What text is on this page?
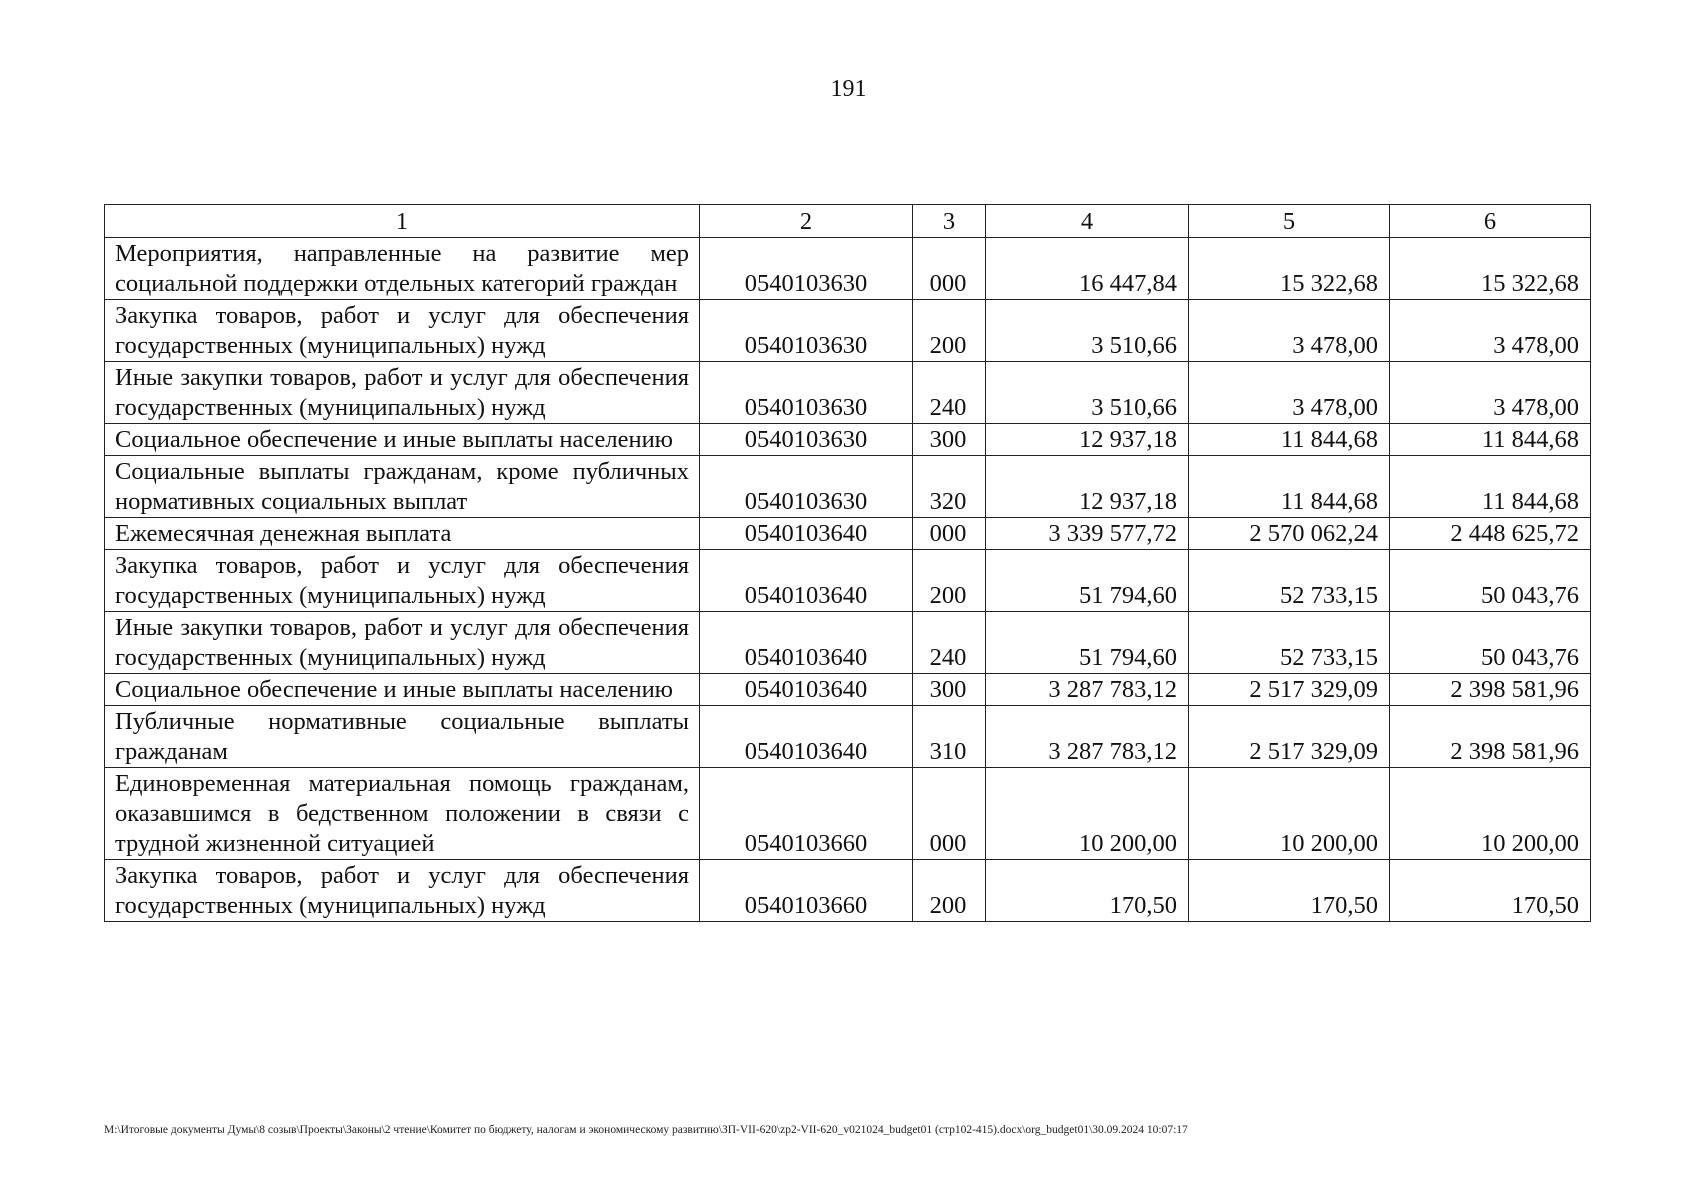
191
1	2	3	4	5	6
Мероприятия, направленные на развитие мер социальной поддержки отдельных категорий граждан	0540103630	000	16 447,84	15 322,68	15 322,68
Закупка товаров, работ и услуг для обеспечения государственных (муниципальных) нужд	0540103630	200	3 510,66	3 478,00	3 478,00
Иные закупки товаров, работ и услуг для обеспечения государственных (муниципальных) нужд	0540103630	240	3 510,66	3 478,00	3 478,00
Социальное обеспечение и иные выплаты населению	0540103630	300	12 937,18	11 844,68	11 844,68
Социальные выплаты гражданам, кроме публичных нормативных социальных выплат	0540103630	320	12 937,18	11 844,68	11 844,68
Ежемесячная денежная выплата	0540103640	000	3 339 577,72	2 570 062,24	2 448 625,72
Закупка товаров, работ и услуг для обеспечения государственных (муниципальных) нужд	0540103640	200	51 794,60	52 733,15	50 043,76
Иные закупки товаров, работ и услуг для обеспечения государственных (муниципальных) нужд	0540103640	240	51 794,60	52 733,15	50 043,76
Социальное обеспечение и иные выплаты населению	0540103640	300	3 287 783,12	2 517 329,09	2 398 581,96
Публичные нормативные социальные выплаты гражданам	0540103640	310	3 287 783,12	2 517 329,09	2 398 581,96
Единовременная материальная помощь гражданам, оказавшимся в бедственном положении в связи с трудной жизненной ситуацией	0540103660	000	10 200,00	10 200,00	10 200,00
Закупка товаров, работ и услуг для обеспечения государственных (муниципальных) нужд	0540103660	200	170,50	170,50	170,50
M:\Итоговые документы Думы\8 созыв\Проекты\Законы\2 чтение\Комитет по бюджету, налогам и экономическому развитию\ЗП-VII-620\zp2-VII-620_v021024_budget01 (стр102-415).docx\org_budget01\30.09.2024 10:07:17
